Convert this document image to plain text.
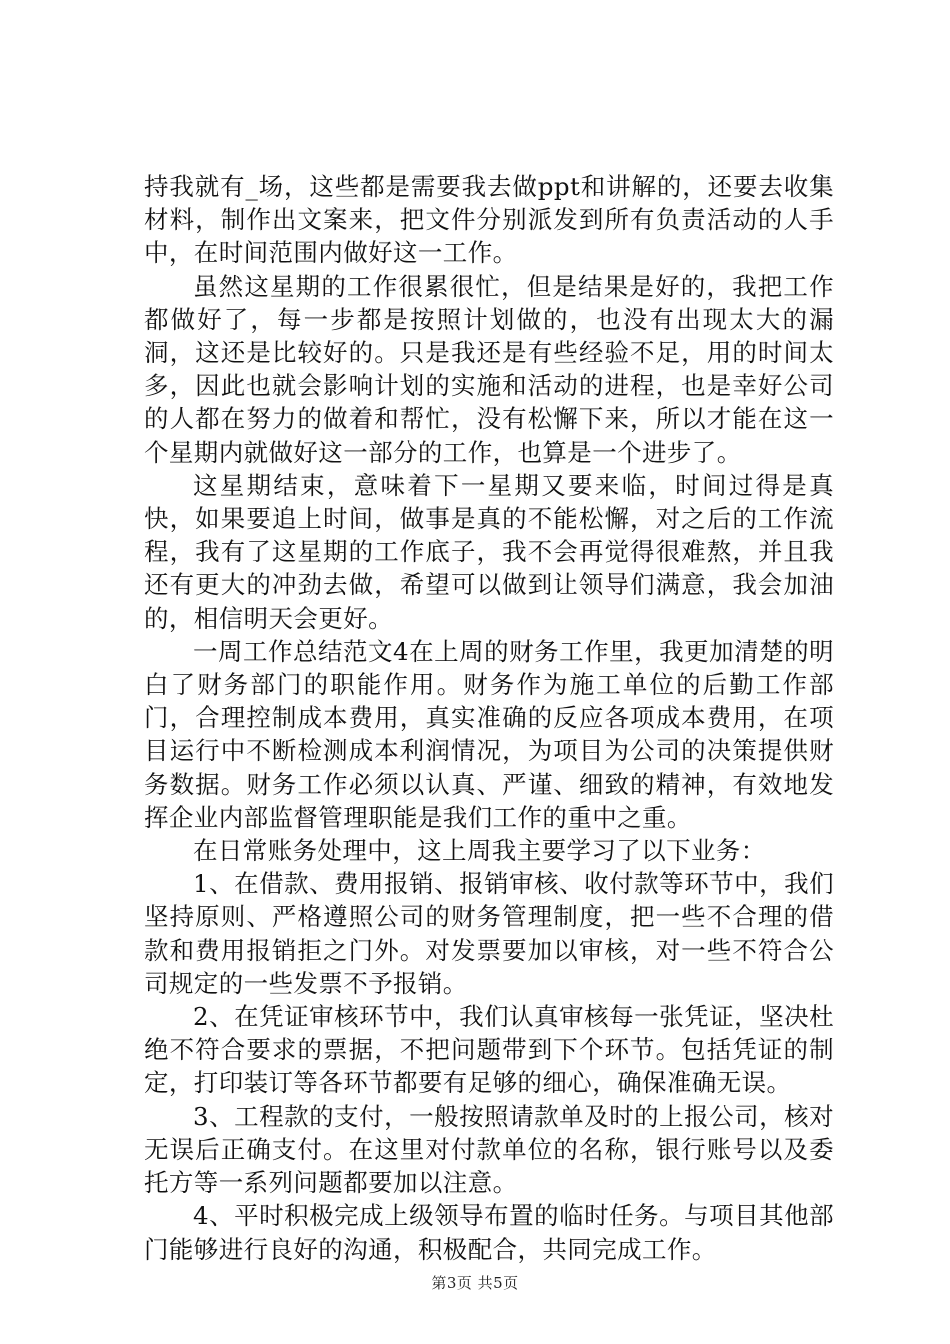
持我就有_场，这些都是需要我去做ppt和讲解的，还要去收集材料，制作出文案来，把文件分别派发到所有负责活动的人手中，在时间范围内做好这一工作。

虽然这星期的工作很累很忙，但是结果是好的，我把工作都做好了，每一步都是按照计划做的，也没有出现太大的漏洞，这还是比较好的。只是我还是有些经验不足，用的时间太多，因此也就会影响计划的实施和活动的进程，也是幸好公司的人都在努力的做着和帮忙，没有松懈下来，所以才能在这一个星期内就做好这一部分的工作，也算是一个进步了。

这星期结束，意味着下一星期又要来临，时间过得是真快，如果要追上时间，做事是真的不能松懈，对之后的工作流程，我有了这星期的工作底子，我不会再觉得很难熬，并且我还有更大的冲劲去做，希望可以做到让领导们满意，我会加油的，相信明天会更好。

一周工作总结范文4在上周的财务工作里，我更加清楚的明白了财务部门的职能作用。财务作为施工单位的后勤工作部门，合理控制成本费用，真实准确的反应各项成本费用，在项目运行中不断检测成本利润情况，为项目为公司的决策提供财务数据。财务工作必须以认真、严谨、细致的精神，有效地发挥企业内部监督管理职能是我们工作的重中之重。

在日常账务处理中，这上周我主要学习了以下业务：

1、在借款、费用报销、报销审核、收付款等环节中，我们坚持原则、严格遵照公司的财务管理制度，把一些不合理的借款和费用报销拒之门外。对发票要加以审核，对一些不符合公司规定的一些发票不予报销。

2、在凭证审核环节中，我们认真审核每一张凭证，坚决杜绝不符合要求的票据，不把问题带到下个环节。包括凭证的制定，打印装订等各环节都要有足够的细心，确保准确无误。

3、工程款的支付，一般按照请款单及时的上报公司，核对无误后正确支付。在这里对付款单位的名称，银行账号以及委托方等一系列问题都要加以注意。

4、平时积极完成上级领导布置的临时任务。与项目其他部门能够进行良好的沟通，积极配合，共同完成工作。

第3页 共5页
